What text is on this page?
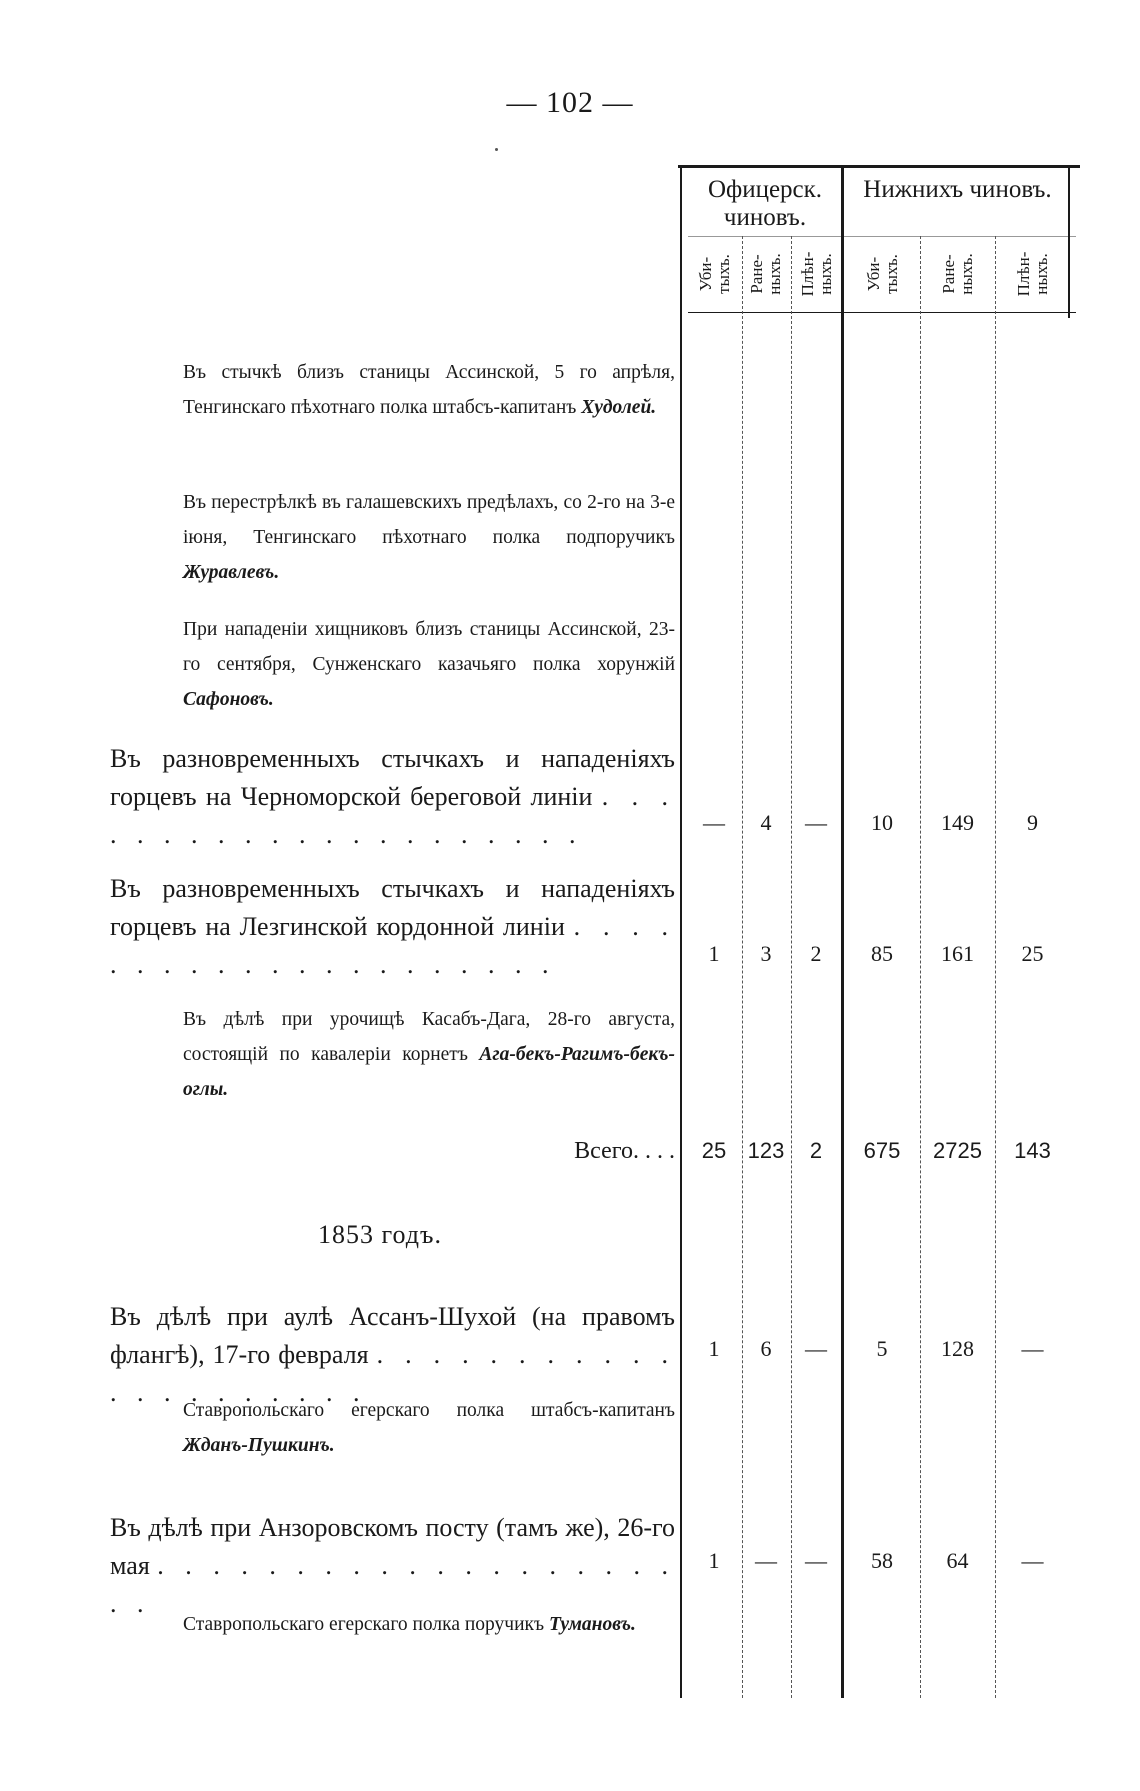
— 102 —
Офицерск. чиновъ.
Нижнихъ чиновъ.
Уби-тыхъ. Ране-ныхъ. Плѣн-ныхъ. Уби-тыхъ. Ране-ныхъ. Плѣн-ныхъ.
Въ стычкѣ близъ станицы Ассинской, 5 го апрѣля, Тенгинскаго пѣхотнаго полка штабсъ-капитанъ Худолей.
Въ перестрѣлкѣ въ галашевскихъ предѣлахъ, со 2-го на 3-е іюня, Тенгинскаго пѣхотнаго полка подпоручикъ Журавлевъ.
При нападеніи хищниковъ близъ станицы Ассинской, 23-го сентября, Сунженскаго казачьяго полка хорунжій Сафоновъ.
Въ разновременныхъ стычкахъ и нападеніяхъ горцевъ на Черноморской береговой линіи . . . . . . . . . . . . . . . . . . . . .	—	4	—	10	149	9
Въ разновременныхъ стычкахъ и нападеніяхъ горцевъ на Лезгинской кордонной линіи . . . . . . . . . . . . . . . . . . . . .	1	3	2	85	161	25
Въ дѣлѣ при урочищѣ Касабъ-Дага, 28-го августа, состоящій по кавалеріи корнетъ Ага-бекъ-Рагимъ-бекъ-оглы.
Всего. . . .	25 123	2	675	2725	143
1853 годъ.
Въ дѣлѣ при аулѣ Ассанъ-Шухой (на правомъ флангѣ), 17-го февраля . . . . . . . . . . . . . . . . . . . . .
1	6	—	5	128	—
Ставропольскаго егерскаго полка штабсъ-капитанъ Жданъ-Пушкинъ.
Въ дѣлѣ при Анзоровскомъ посту (тамъ же), 26-го мая . . . . . . . . . . . . . . . . . . . . .
1	—	—	58	64	—
Ставропольскаго егерскаго полка поручикъ Тумановъ.
